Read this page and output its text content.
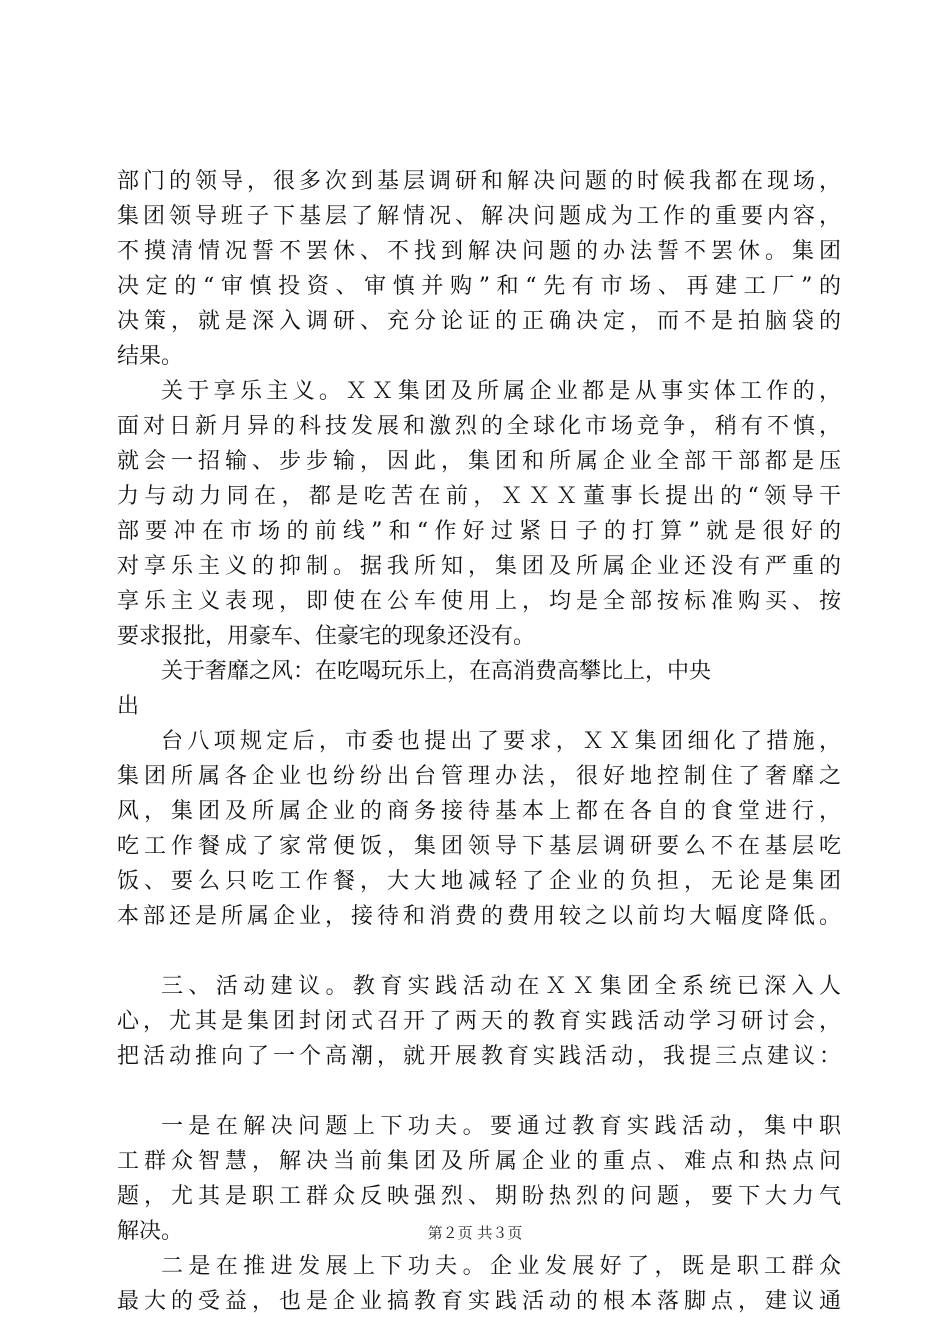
部门的领导，很多次到基层调研和解决问题的时候我都在现场，
集团领导班子下基层了解情况、解决问题成为工作的重要内容，
不摸清情况誓不罢休、不找到解决问题的办法誓不罢休。集团
决定的“审慎投资、审慎并购”和“先有市场、再建工厂”的
决策，就是深入调研、充分论证的正确决定，而不是拍脑袋的
结果。
关于享乐主义。ＸＸ集团及所属企业都是从事实体工作的，
面对日新月异的科技发展和激烈的全球化市场竞争，稍有不慎，
就会一招输、步步输，因此，集团和所属企业全部干部都是压
力与动力同在，都是吃苦在前，ＸＸＸ董事长提出的“领导干
部要冲在市场的前线”和“作好过紧日子的打算”就是很好的
对享乐主义的抑制。据我所知，集团及所属企业还没有严重的
享乐主义表现，即使在公车使用上，均是全部按标准购买、按
要求报批，用豪车、住豪宅的现象还没有。
关于奢靡之风：在吃喝玩乐上，在高消费高攀比上，中央
出
台八项规定后，市委也提出了要求，ＸＸ集团细化了措施，
集团所属各企业也纷纷出台管理办法，很好地控制住了奢靡之
风，集团及所属企业的商务接待基本上都在各自的食堂进行，
吃工作餐成了家常便饭，集团领导下基层调研要么不在基层吃
饭、要么只吃工作餐，大大地减轻了企业的负担，无论是集团
本部还是所属企业，接待和消费的费用较之以前均大幅度降低。
三、活动建议。教育实践活动在ＸＸ集团全系统已深入人
心，尤其是集团封闭式召开了两天的教育实践活动学习研讨会，
把活动推向了一个高潮，就开展教育实践活动，我提三点建议：
一是在解决问题上下功夫。要通过教育实践活动，集中职
工群众智慧，解决当前集团及所属企业的重点、难点和热点问
题，尤其是职工群众反映强烈、期盼热烈的问题，要下大力气
解决。
二是在推进发展上下功夫。企业发展好了，既是职工群众
最大的受益，也是企业搞教育实践活动的根本落脚点，建议通
第２页 共３页
